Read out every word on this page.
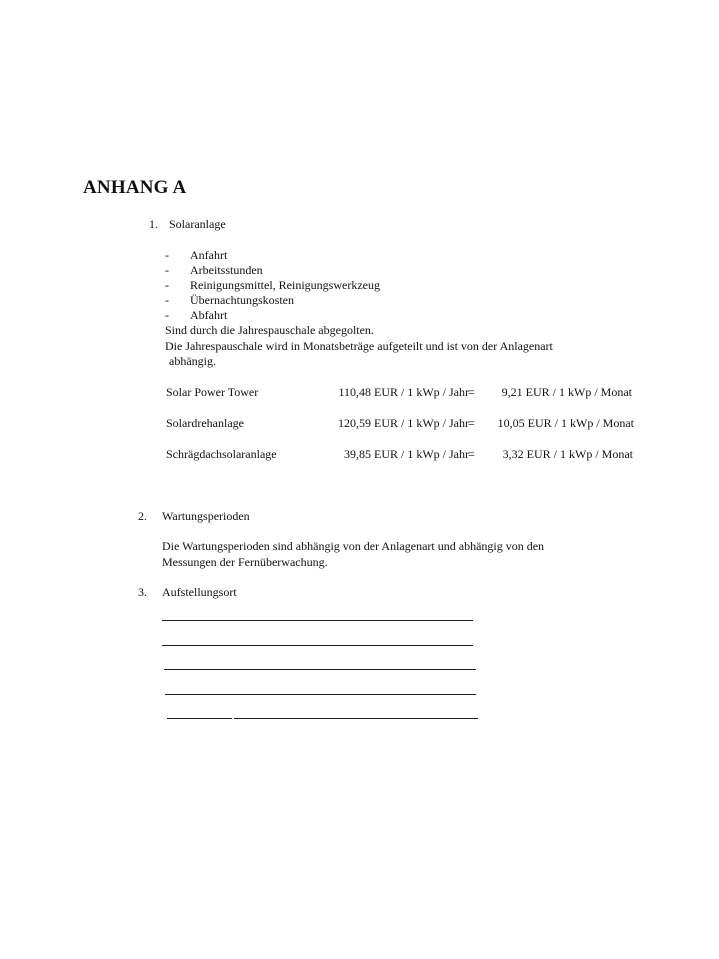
ANHANG A
1. Solaranlage
- Anfahrt
- Arbeitsstunden
- Reinigungsmittel, Reinigungswerkzeug
- Übernachtungskosten
- Abfahrt
Sind durch die Jahrespauschale abgegolten.
Die Jahrespauschale wird in Monatsbeträge aufgeteilt und ist von der Anlagenart
abhängig.
Solar Power Tower	110,48 EUR / 1 kWp / Jahr = 9,21 EUR / 1 kWp / Monat
Solardrehanlage	120,59 EUR / 1 kWp / Jahr = 10,05 EUR / 1 kWp / Monat
Schrägdachsolaranlage	39,85 EUR / 1 kWp / Jahr = 3,32 EUR / 1 kWp / Monat
2. Wartungsperioden
Die Wartungsperioden sind abhängig von der Anlagenart und abhängig von den
Messungen der Fernüberwachung.
3. Aufstellungsort
